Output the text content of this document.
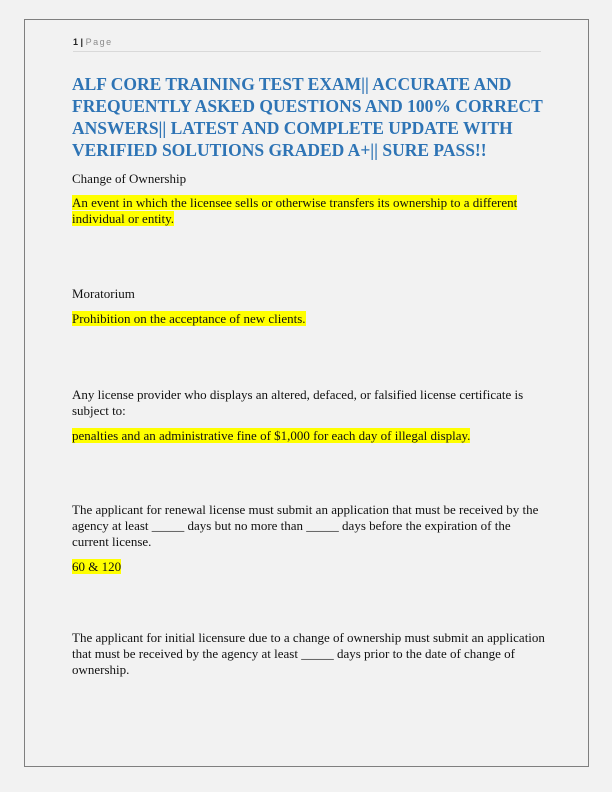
1 | Page
ALF CORE TRAINING TEST EXAM|| ACCURATE AND FREQUENTLY ASKED QUESTIONS AND 100% CORRECT ANSWERS|| LATEST AND COMPLETE UPDATE WITH VERIFIED SOLUTIONS GRADED A+|| SURE PASS!!

Change of Ownership

An event in which the licensee sells or otherwise transfers its ownership to a different individual or entity.

Moratorium

Prohibition on the acceptance of new clients.

Any license provider who displays an altered, defaced, or falsified license certificate is subject to:

penalties and an administrative fine of $1,000 for each day of illegal display.

The applicant for renewal license must submit an application that must be received by the agency at least _____ days but no more than _____ days before the expiration of the current license.

60 & 120

The applicant for initial licensure due to a change of ownership must submit an application that must be received by the agency at least _____ days prior to the date of change of ownership.
